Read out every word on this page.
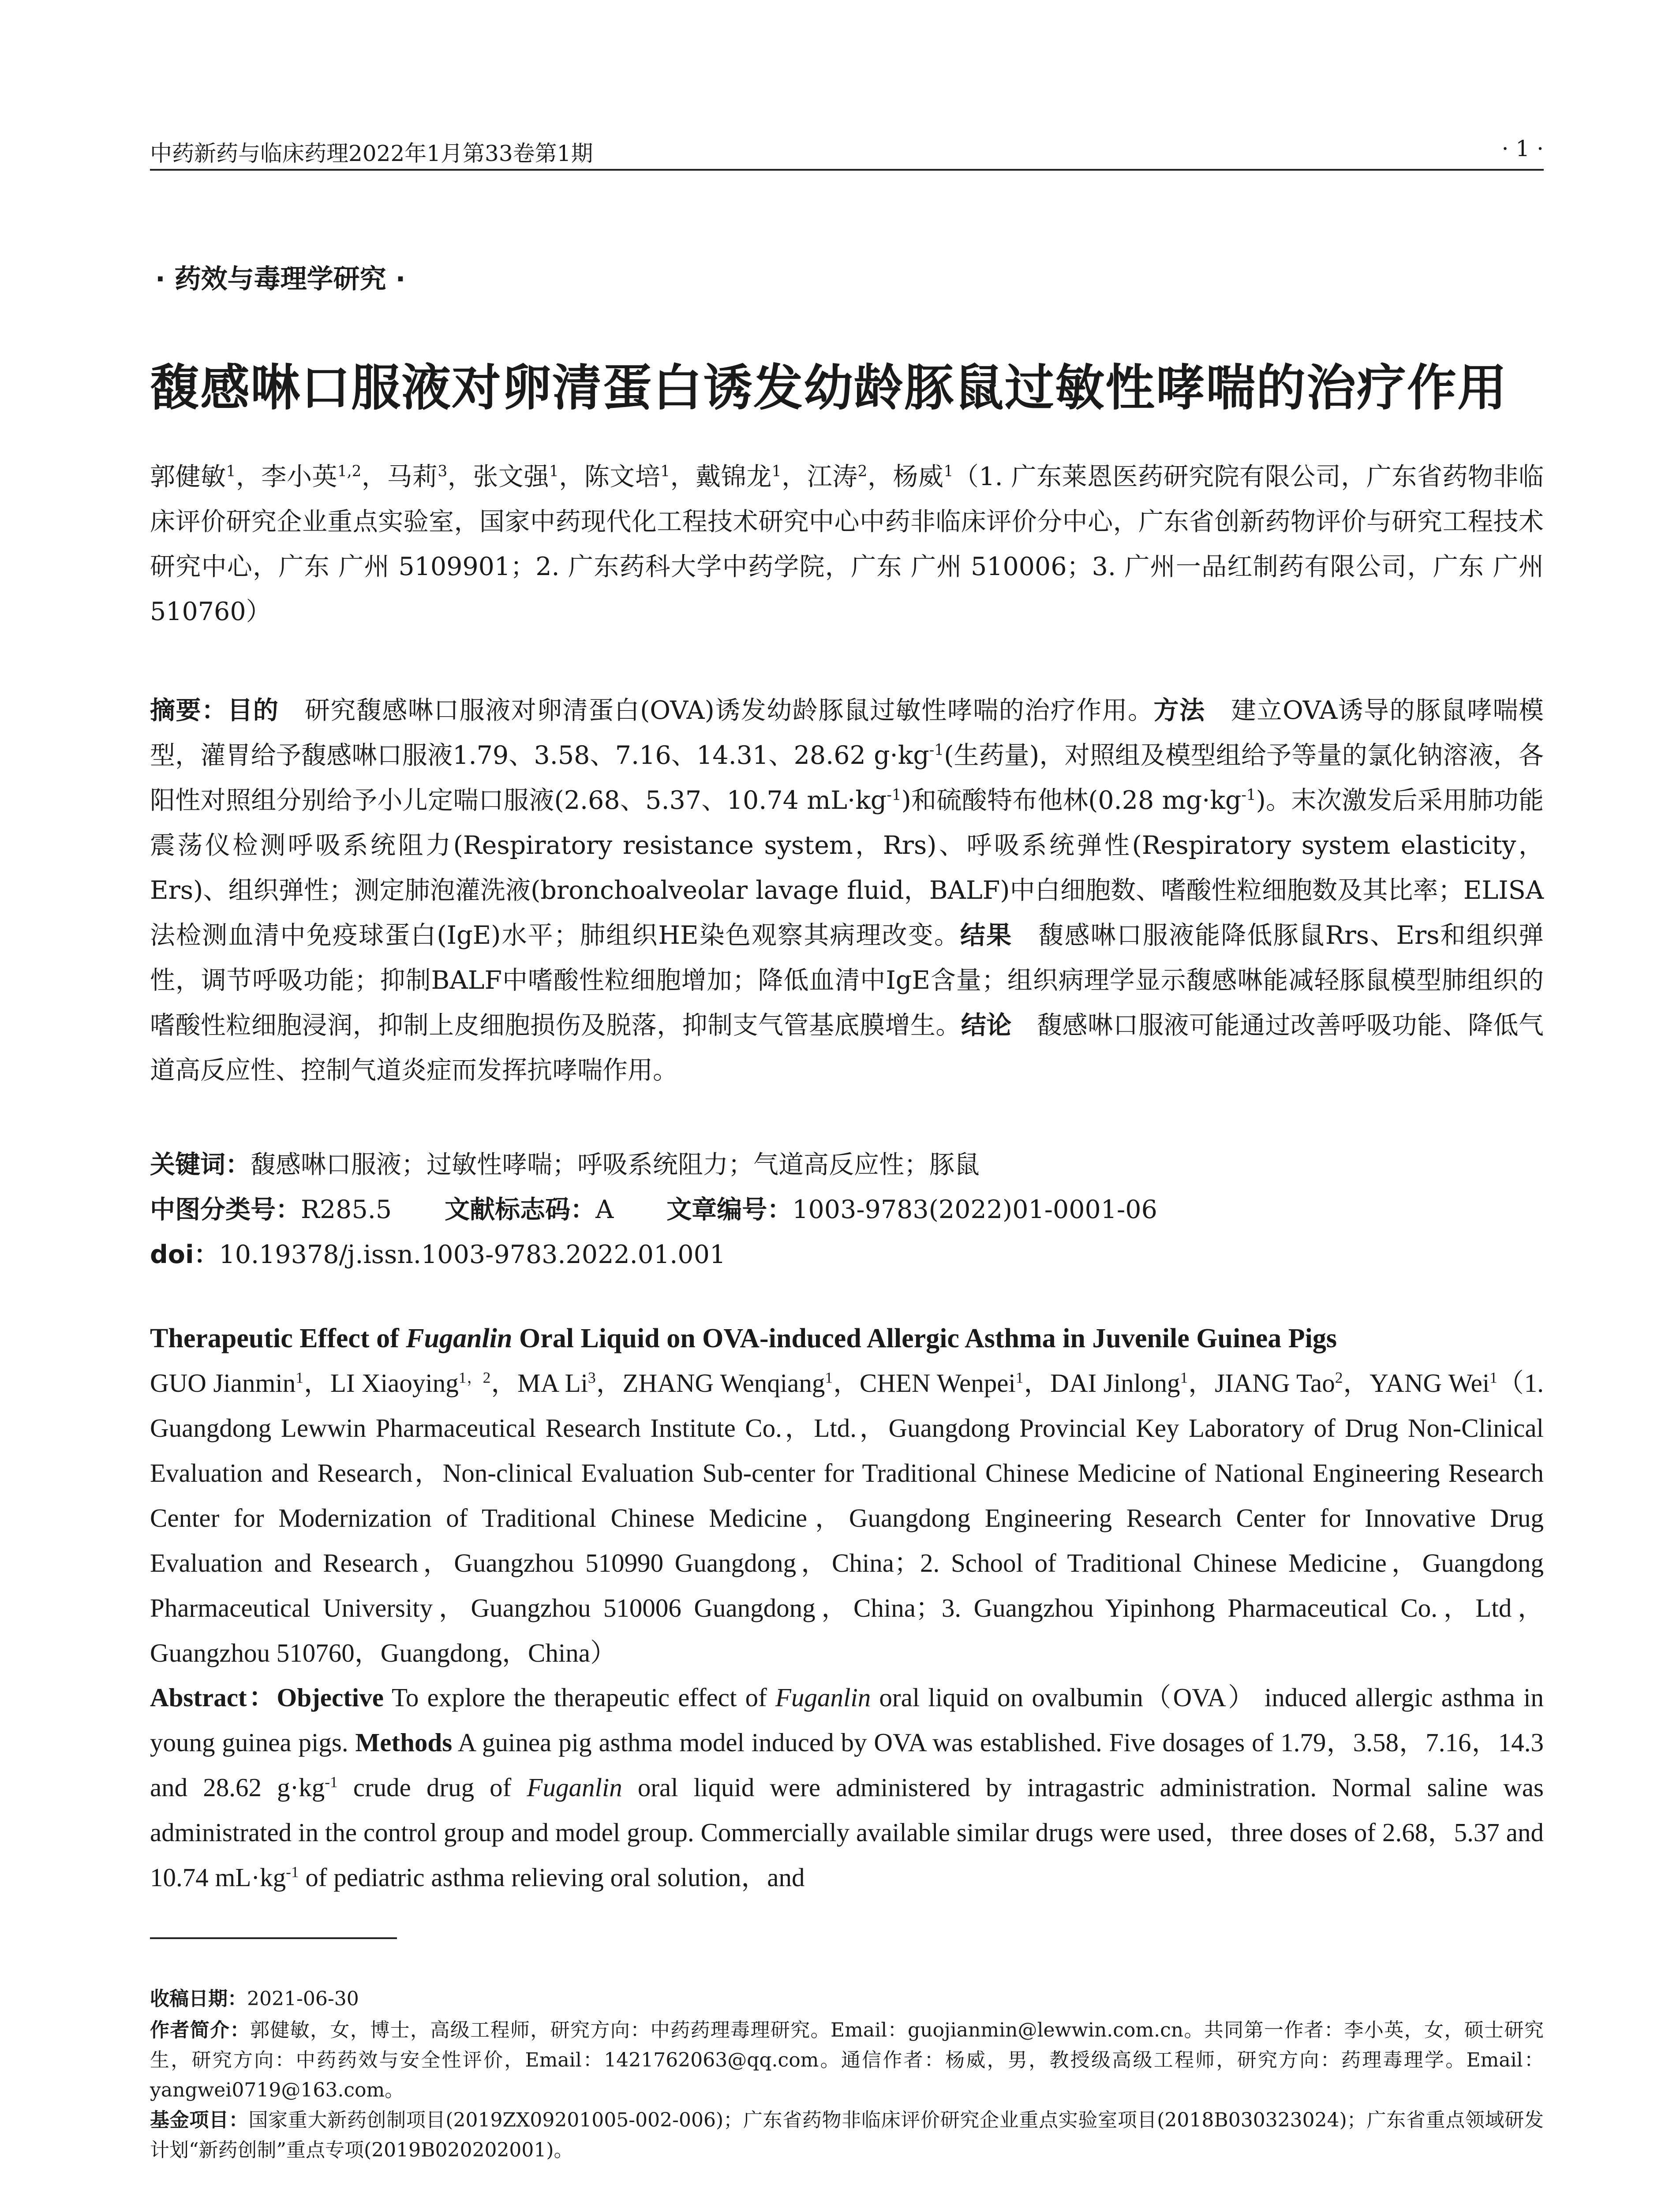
中药新药与临床药理2022年1月第33卷第1期	· 1 ·
· 药效与毒理学研究 ·
馥感啉口服液对卵清蛋白诱发幼龄豚鼠过敏性哮喘的治疗作用

郭健敏$^1$，李小英$^{1,2}$，马莉$^3$，张文强$^1$，陈文培$^1$，戴锦龙$^1$，江涛$^2$，杨威$^1$（1. 广东莱恩医药研究院有限公司，广东省药物非临床评价研究企业重点实验室，国家中药现代化工程技术研究中心中药非临床评价分中心，广东省创新药物评价与研究工程技术研究中心，广东 广州 5109901；2. 广东药科大学中药学院，广东 广州 510006；3. 广州一品红制药有限公司，广东 广州 510760）

摘要：目的　 研究馥感啉口服液对卵清蛋白(OVA)诱发幼龄豚鼠过敏性哮喘的治疗作用。方法　 建立OVA诱导的豚鼠哮喘模型，灌胃给予馥感啉口服液1.79、3.58、7.16、14.31、28.62 $g\cdot kg^{-1}$(生药量)，对照组及模型组给予等量的氯化钠溶液，各阳性对照组分别给予小儿定喘口服液(2.68、5.37、10.74 $mL\cdot kg^{-1}$)和硫酸特布他林(0.28 $mg\cdot kg^{-1}$)。末次激发后采用肺功能震荡仪检测呼吸系统阻力(Respiratory resistance system，Rrs)、呼吸系统弹性(Respiratory system elasticity，Ers)、组织弹性；测定肺泡灌洗液(bronchoalveolar lavage fluid，BALF)中白细胞数、嗜酸性粒细胞数及其比率；ELISA法检测血清中免疫球蛋白(IgE)水平；肺组织HE染色观察其病理改变。结果　 馥感啉口服液能降低豚鼠Rrs、Ers和组织弹性，调节呼吸功能；抑制BALF中嗜酸性粒细胞增加；降低血清中IgE含量；组织病理学显示馥感啉能减轻豚鼠模型肺组织的嗜酸性粒细胞浸润，抑制上皮细胞损伤及脱落，抑制支气管基底膜增生。结论　 馥感啉口服液可能通过改善呼吸功能、降低气道高反应性、控制气道炎症而发挥抗哮喘作用。

关键词：馥感啉口服液；过敏性哮喘；呼吸系统阻力；气道高反应性；豚鼠

中图分类号：R285.5 文献标志码：A 文章编号：1003-9783(2022)01-0001-06

doi：10.19378/j.issn.1003-9783.2022.01.001

Therapeutic Effect of Fuganlin Oral Liquid on OVA-induced Allergic Asthma in Juvenile Guinea Pigs

GUO Jianmin$^1$，LI Xiaoying$^{1,2}$，MA Li$^3$，ZHANG Wenqiang$^1$，CHEN Wenpei$^1$，DAI Jinlong$^1$，JIANG Tao$^2$，YANG Wei$^1$（1. Guangdong Lewwin Pharmaceutical Research Institute Co.，Ltd.，Guangdong Provincial Key Laboratory of Drug Non-Clinical Evaluation and Research，Non-clinical Evaluation Sub-center for Traditional Chinese Medicine of National Engineering Research Center for Modernization of Traditional Chinese Medicine，Guangdong Engineering Research Center for Innovative Drug Evaluation and Research，Guangzhou 510990 Guangdong，China；2. School of Traditional Chinese Medicine，Guangdong Pharmaceutical University，Guangzhou 510006 Guangdong，China；3. Guangzhou Yipinhong Pharmaceutical Co.，Ltd，Guangzhou 510760，Guangdong，China）

Abstract：Objective To explore the therapeutic effect of Fuganlin oral liquid on ovalbumin（OVA） induced allergic asthma in young guinea pigs. Methods A guinea pig asthma model induced by OVA was established. Five dosages of 1.79，3.58，7.16，14.3 and 28.62 $g\cdot kg^{-1}$ crude drug of Fuganlin oral liquid were administered by intragastric administration. Normal saline was administrated in the control group and model group. Commercially available similar drugs were used，three doses of 2.68，5.37 and 10.74 $mL\cdot kg^{-1}$ of pediatric asthma relieving oral solution，and

收稿日期：2021-06-30

作者简介：郭健敏，女，博士，高级工程师，研究方向：中药药理毒理研究。Email：guojianmin@lewwin.com.cn。共同第一作者：李小英，女，硕士研究生，研究方向：中药药效与安全性评价，Email：1421762063@qq.com。通信作者：杨威，男，教授级高级工程师，研究方向：药理毒理学。Email：yangwei0719@163.com。

基金项目：国家重大新药创制项目(2019ZX09201005-002-006)；广东省药物非临床评价研究企业重点实验室项目(2018B030323024)；广东省重点领域研发计划“新药创制”重点专项(2019B020202001)。
